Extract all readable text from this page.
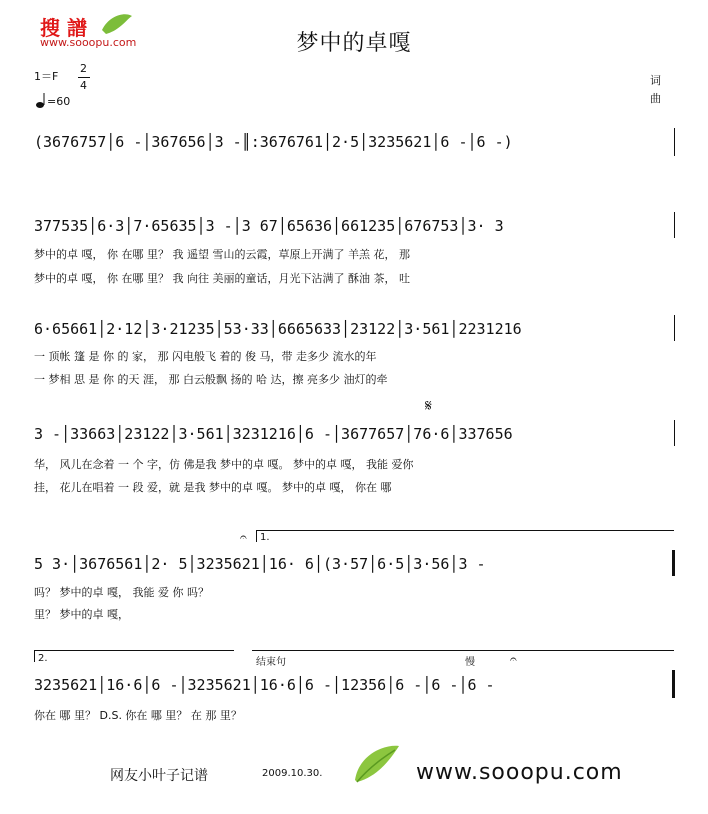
搜 譜
www.sooopu.com	梦中的卓嘎
1＝F
2
4
=60
词
曲
(3676757│6 -│367656│3 -║:3676761│2·5│3235621│6 -│6 -)
377535│6·3│7·65635│3 -│3 67│65636│661235│676753│3· 3
梦中的卓 嘎， 你 在哪 里？ 我 遥望 雪山的云霞，草原上开满了 羊羔 花， 那
梦中的卓 嘎， 你 在哪 里？ 我 向往 美丽的童话，月光下沾满了 酥油 茶， 吐
6·65661│2·12│3·21235│53·33│6665633│23122│3·561│2231216
一 顶帐 篷 是 你 的 家， 那 闪电般飞 着的 俊 马，带 走多少 流水的年
一 梦相 思 是 你 的天 涯， 那 白云般飘 扬的 哈 达，擦 亮多少 油灯的牵
𝄋
3 -│33663│23122│3·561│3231216│6 -│3677657│76·6│337656
华， 风儿在念着 一 个 字，仿 佛是我 梦中的卓 嘎。 梦中的卓 嘎， 我能 爱你
挂， 花儿在唱着 一 段 爱，就 是我 梦中的卓 嘎。 梦中的卓 嘎， 你在 哪
1.
𝄐
5 3·│3676561│2· 5│3235621│16· 6│(3·57│6·5│3·56│3 -
吗？ 梦中的卓 嘎， 我能 爱 你 吗？
里？ 梦中的卓 嘎，
2.	结束句	慢	𝄐
3235621│16·6│6 -│3235621│16·6│6 -│12356│6 -│6 -│6 -
你在 哪 里？ D.S. 你在 哪 里？ 在 那 里？
网友小叶子记谱	2009.10.30.	www.sooopu.com
